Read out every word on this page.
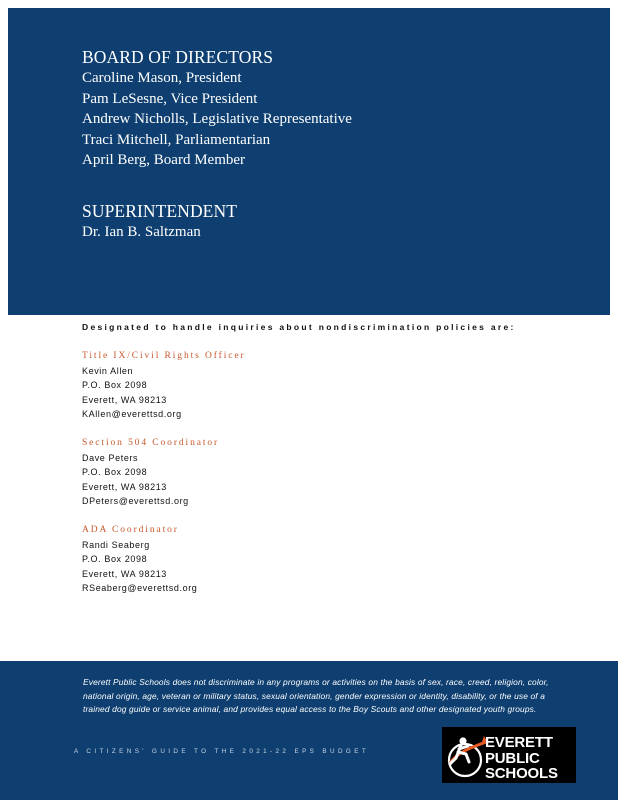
BOARD OF DIRECTORS

Caroline Mason, President

Pam LeSesne, Vice President

Andrew Nicholls, Legislative Representative

Traci Mitchell, Parliamentarian

April Berg, Board Member

SUPERINTENDENT

Dr. Ian B. Saltzman

Designated to handle inquiries about nondiscrimination policies are:
Title IX/Civil Rights Officer
Kevin Allen
P.O. Box 2098
Everett, WA 98213
KAllen@everettsd.org
Section 504 Coordinator
Dave Peters
P.O. Box 2098
Everett, WA 98213
DPeters@everettsd.org
ADA Coordinator
Randi Seaberg
P.O. Box 2098
Everett, WA 98213
RSeaberg@everettsd.org
Everett Public Schools does not discriminate in any programs or activities on the basis of sex, race, creed, religion, color, national origin, age, veteran or military status, sexual orientation, gender expression or identity, disability, or the use of a trained dog guide or service animal, and provides equal access to the Boy Scouts and other designated youth groups.
A CITIZENS' GUIDE TO THE 2021-22 EPS BUDGET
EVERETT
PUBLIC
SCHOOLS
